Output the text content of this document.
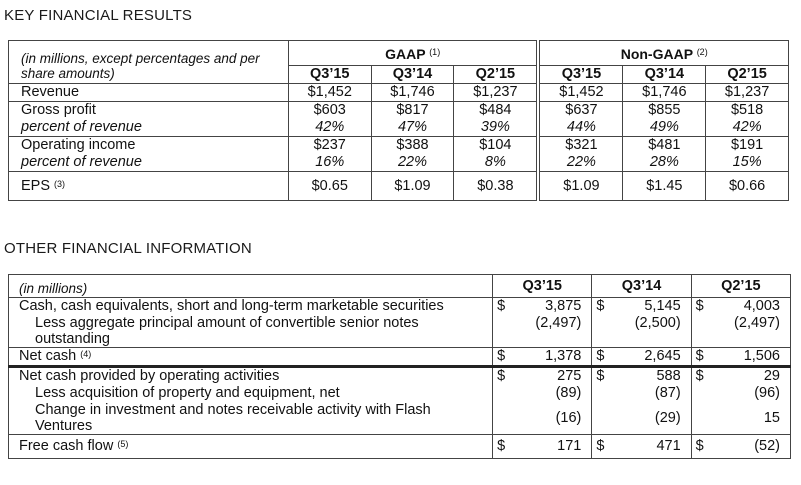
KEY FINANCIAL RESULTS
(in millions, except percentages and per share amounts)	GAAP $^{(1)}$			Non-GAAP $^{(2)}$
	Q3’15	Q3’14	Q2’15	Q3’15	Q3’14	Q2’15
Revenue	$1,452	$1,746	$1,237	$1,452	$1,746	$1,237
Gross profit	$603	$817	$484	$637	$855	$518
percent of revenue	42%	47%	39%	44%	49%	42%
Operating income	$237	$388	$104	$321	$481	$191
percent of revenue	16%	22%	8%	22%	28%	15%
EPS $^{(3)}$	$0.65	$1.09	$0.38	$1.09	$1.45	$0.66
OTHER FINANCIAL INFORMATION
(in millions)	Q3’15		Q3’14		Q2’15	
Cash, cash equivalents, short and long-term marketable securities	$	3,875	$	5,145	$	4,003
Less aggregate principal amount of convertible senior notes outstanding		(2,497)		(2,500)		(2,497)
Net cash $^{(4)}$	$	1,378	$	2,645	$	1,506
Net cash provided by operating activities	$	275	$	588	$	29
Less acquisition of property and equipment, net		(89)		(87)		(96)
Change in investment and notes receivable activity with Flash Ventures		(16)		(29)		15
Free cash flow $^{(5)}$	$	171	$	471	$	(52)
